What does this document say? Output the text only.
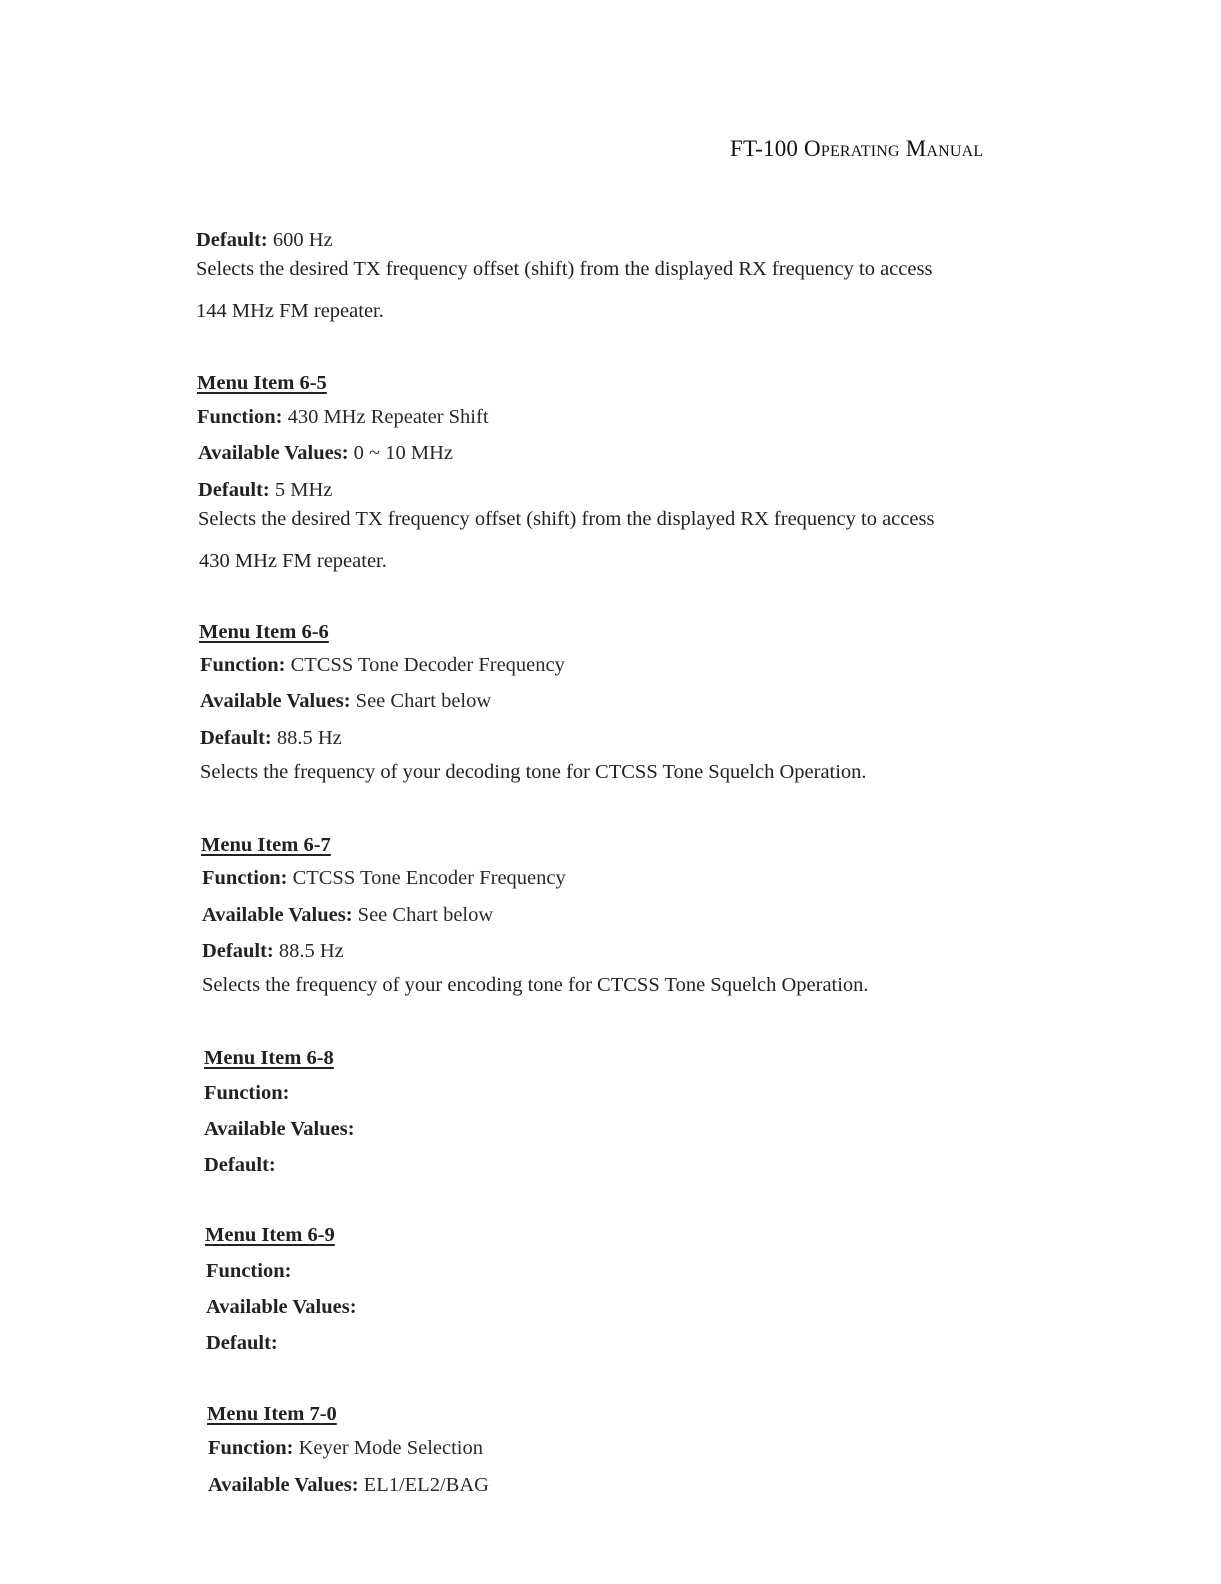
FT-100 Operating Manual
Default: 600 Hz
Selects the desired TX frequency offset (shift) from the displayed RX frequency to access
144 MHz FM repeater.
Menu Item 6-5
Function: 430 MHz Repeater Shift
Available Values: 0 ~ 10 MHz
Default: 5 MHz
Selects the desired TX frequency offset (shift) from the displayed RX frequency to access
430 MHz FM repeater.
Menu Item 6-6
Function: CTCSS Tone Decoder Frequency
Available Values: See Chart below
Default: 88.5 Hz
Selects the frequency of your decoding tone for CTCSS Tone Squelch Operation.
Menu Item 6-7
Function: CTCSS Tone Encoder Frequency
Available Values: See Chart below
Default: 88.5 Hz
Selects the frequency of your encoding tone for CTCSS Tone Squelch Operation.
Menu Item 6-8
Function:
Available Values:
Default:
Menu Item 6-9
Function:
Available Values:
Default:
Menu Item 7-0
Function: Keyer Mode Selection
Available Values: EL1/EL2/BAG
